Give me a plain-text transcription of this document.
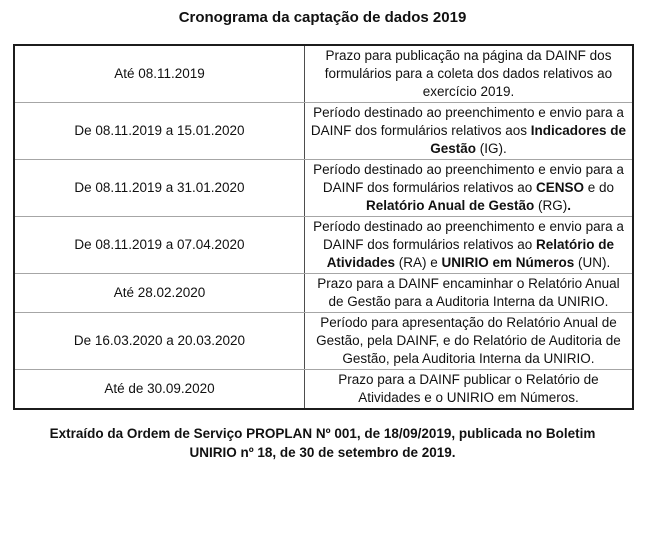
Cronograma da captação de dados 2019
Até 08.11.2019
Prazo para publicação na página da DAINF dos formulários para a coleta dos dados relativos ao exercício 2019.
De 08.11.2019 a 15.01.2020
Período destinado ao preenchimento e envio para a DAINF dos formulários relativos aos Indicadores de Gestão (IG).
De 08.11.2019 a 31.01.2020
Período destinado ao preenchimento e envio para a DAINF dos formulários relativos ao CENSO e do Relatório Anual de Gestão (RG).
De 08.11.2019 a 07.04.2020
Período destinado ao preenchimento e envio para a DAINF dos formulários relativos ao Relatório de Atividades (RA) e UNIRIO em Números (UN).
Até 28.02.2020
Prazo para a DAINF encaminhar o Relatório Anual de Gestão para a Auditoria Interna da UNIRIO.
De 16.03.2020 a 20.03.2020
Período para apresentação do Relatório Anual de Gestão, pela DAINF, e do Relatório de Auditoria de Gestão, pela Auditoria Interna da UNIRIO.
Até de 30.09.2020
Prazo para a DAINF publicar o Relatório de Atividades e o UNIRIO em Números.

Extraído da Ordem de Serviço PROPLAN Nº 001, de 18/09/2019, publicada no Boletim UNIRIO nº 18, de 30 de setembro de 2019.
